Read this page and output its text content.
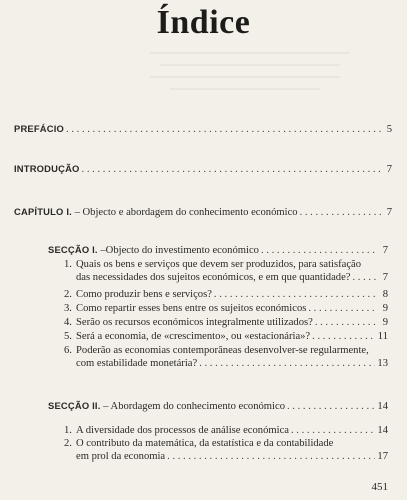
Índice
PREFÁCIO . . .	5
INTRODUÇÃO . . .	7
CAPÍTULO I. – Objecto e abordagem do conhecimento económico . . .	7
SECÇÃO I. –Objecto do investimento económico . . .	7
1. Quais os bens e serviços que devem ser produzidos, para satisfação
das necessidades dos sujeitos económicos, e em que quantidade? . . .	7
2. Como produzir bens e serviços? . . .	8
3. Como repartir esses bens entre os sujeitos económicos . . .	9
4. Serão os recursos económicos integralmente utilizados? . . .	9
5. Será a economia, de «crescimento», ou «estacionária»? . . .	11
6. Poderão as economias contemporâneas desenvolver-se regularmente,
com estabilidade monetária? . . .	13
SECÇÃO II. – Abordagem do conhecimento económico . . .	14
1. A diversidade dos processos de análise económica . . .	14
2. O contributo da matemática, da estatística e da contabilidade
em prol da economia . . .	17
451
